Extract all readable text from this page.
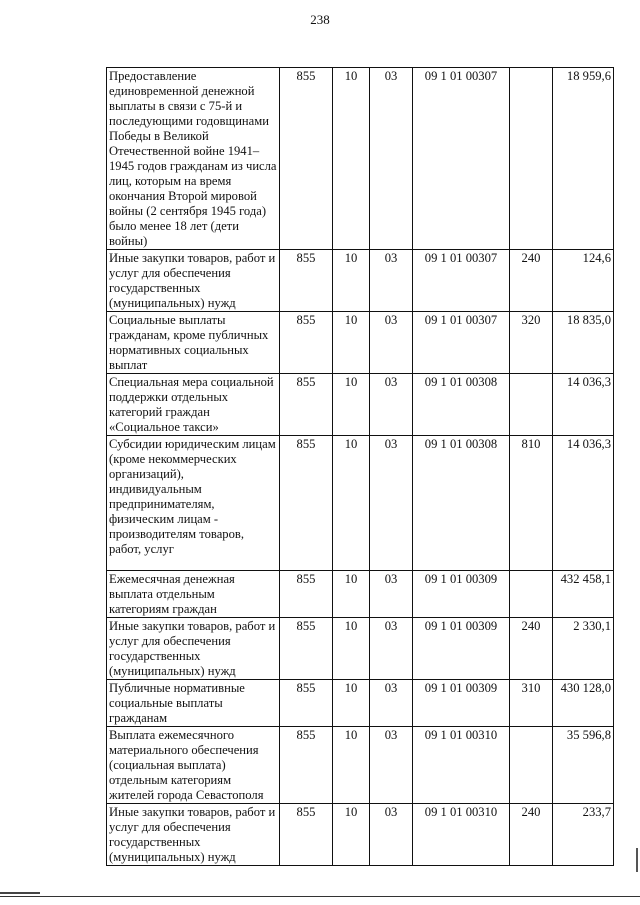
238
Предоставление единовременной денежной выплаты в связи с 75-й и последующими годовщинами Победы в Великой Отечественной войне 1941–1945 годов гражданам из числа лиц, которым на время окончания Второй мировой войны (2 сентября 1945 года) было менее 18 лет (дети войны)	855	10	03	09 1 01 00307		18 959,6
Иные закупки товаров, работ и услуг для обеспечения государственных (муниципальных) нужд	855	10	03	09 1 01 00307	240	124,6
Социальные выплаты гражданам, кроме публичных нормативных социальных выплат	855	10	03	09 1 01 00307	320	18 835,0
Специальная мера социальной поддержки отдельных категорий граждан «Социальное такси»	855	10	03	09 1 01 00308		14 036,3
Субсидии юридическим лицам (кроме некоммерческих организаций), индивидуальным предпринимателям, физическим лицам - производителям товаров, работ, услуг	855	10	03	09 1 01 00308	810	14 036,3
Ежемесячная денежная выплата отдельным категориям граждан	855	10	03	09 1 01 00309		432 458,1
Иные закупки товаров, работ и услуг для обеспечения государственных (муниципальных) нужд	855	10	03	09 1 01 00309	240	2 330,1
Публичные нормативные социальные выплаты гражданам	855	10	03	09 1 01 00309	310	430 128,0
Выплата ежемесячного материального обеспечения (социальная выплата) отдельным категориям жителей города Севастополя	855	10	03	09 1 01 00310		35 596,8
Иные закупки товаров, работ и услуг для обеспечения государственных (муниципальных) нужд	855	10	03	09 1 01 00310	240	233,7
